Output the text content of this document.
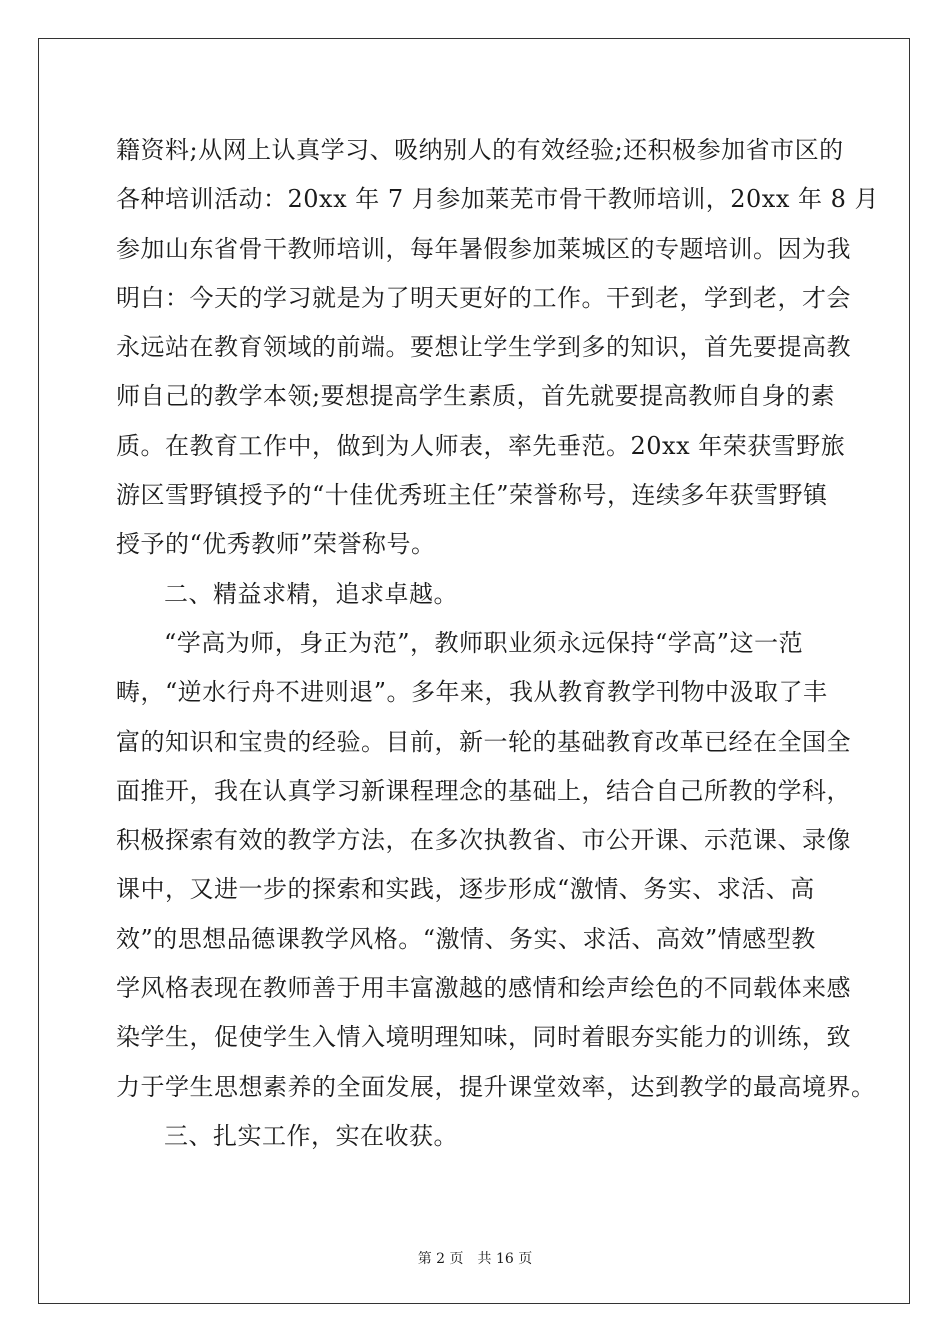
籍资料;从网上认真学习、吸纳别人的有效经验;还积极参加省市区的
各种培训活动：20xx 年 7 月参加莱芜市骨干教师培训，20xx 年 8 月
参加山东省骨干教师培训，每年暑假参加莱城区的专题培训。因为我
明白：今天的学习就是为了明天更好的工作。干到老，学到老，才会
永远站在教育领域的前端。要想让学生学到多的知识，首先要提高教
师自己的教学本领;要想提高学生素质，首先就要提高教师自身的素
质。在教育工作中，做到为人师表，率先垂范。20xx 年荣获雪野旅
游区雪野镇授予的“十佳优秀班主任”荣誉称号，连续多年获雪野镇
授予的“优秀教师”荣誉称号。
二、精益求精，追求卓越。
“学高为师，身正为范”，教师职业须永远保持“学高”这一范
畴，“逆水行舟不进则退”。多年来，我从教育教学刊物中汲取了丰
富的知识和宝贵的经验。目前，新一轮的基础教育改革已经在全国全
面推开，我在认真学习新课程理念的基础上，结合自己所教的学科，
积极探索有效的教学方法，在多次执教省、市公开课、示范课、录像
课中，又进一步的探索和实践，逐步形成“激情、务实、求活、高
效”的思想品德课教学风格。“激情、务实、求活、高效”情感型教
学风格表现在教师善于用丰富激越的感情和绘声绘色的不同载体来感
染学生，促使学生入情入境明理知味，同时着眼夯实能力的训练，致
力于学生思想素养的全面发展，提升课堂效率，达到教学的最高境界。
三、扎实工作，实在收获。
第 2 页　共 16 页
